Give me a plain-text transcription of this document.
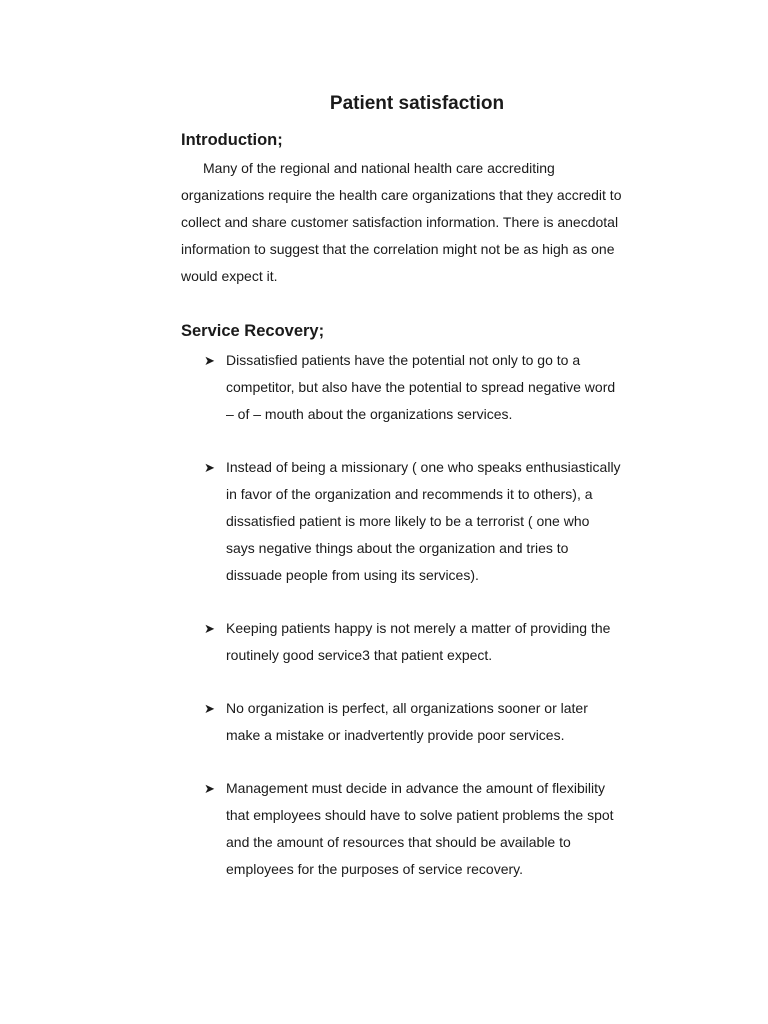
Patient satisfaction
Introduction;

Many of the regional and national health care accrediting
organizations require the health care organizations that they accredit to
collect and share customer satisfaction information. There is anecdotal
information to suggest that the correlation might not be as high as one
would expect it.

Service Recovery;
➤ Dissatisfied patients have the potential not only to go to a
competitor, but also have the potential to spread negative word
– of – mouth about the organizations services.
➤ Instead of being a missionary ( one who speaks enthusiastically
in favor of the organization and recommends it to others), a
dissatisfied patient is more likely to be a terrorist ( one who
says negative things about the organization and tries to
dissuade people from using its services).
➤ Keeping patients happy is not merely a matter of providing the
routinely good service3 that patient expect.
➤ No organization is perfect, all organizations sooner or later
make a mistake or inadvertently provide poor services.
➤ Management must decide in advance the amount of flexibility
that employees should have to solve patient problems the spot
and the amount of resources that should be available to
employees for the purposes of service recovery.
